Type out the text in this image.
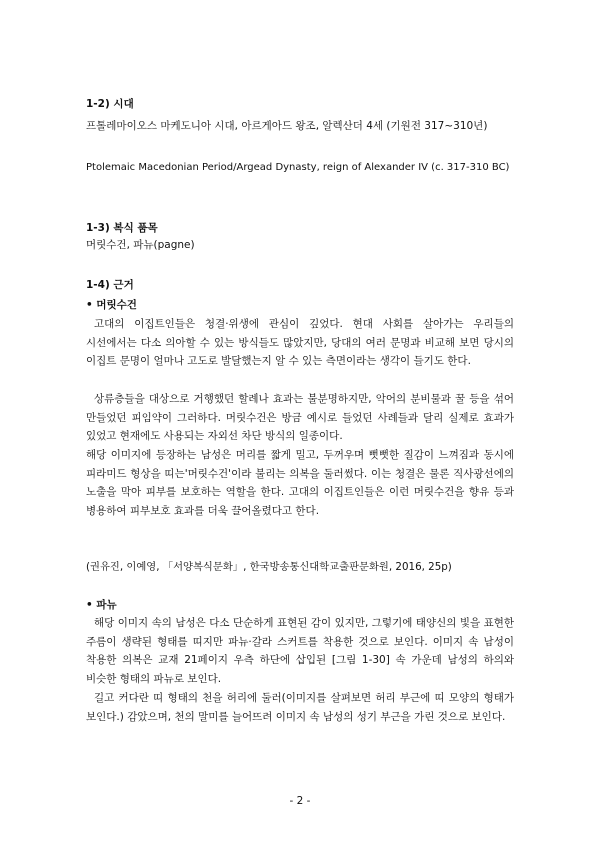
1-2) 시대

프톨레마이오스 마케도니아 시대, 아르게아드 왕조, 알렉산더 4세 (기원전 317~310년)

Ptolemaic Macedonian Period/Argead Dynasty, reign of Alexander IV (c. 317-310 BC)

1-3) 복식 품목

머릿수건, 파뉴(pagne)

1-4) 근거

• 머릿수건

고대의 이집트인들은 청결·위생에 관심이 깊었다. 현대 사회를 살아가는 우리들의 시선에서는 다소 의아할 수 있는 방식들도 많았지만, 당대의 여러 문명과 비교해 보면 당시의 이집트 문명이 얼마나 고도로 발달했는지 알 수 있는 측면이라는 생각이 들기도 한다.

상류층들을 대상으로 거행했던 할례나 효과는 불분명하지만, 악어의 분비물과 꿀 등을 섞어 만들었던 피임약이 그러하다. 머릿수건은 방금 예시로 들었던 사례들과 달리 실제로 효과가 있었고 현재에도 사용되는 자외선 차단 방식의 일종이다.

해당 이미지에 등장하는 남성은 머리를 짧게 밀고, 두꺼우며 뻣뻣한 질감이 느껴짐과 동시에 피라미드 형상을 띠는'머릿수건'이라 불리는 의복을 둘러썼다. 이는 청결은 물론 직사광선에의 노출을 막아 피부를 보호하는 역할을 한다. 고대의 이집트인들은 이런 머릿수건을 향유 등과 병용하여 피부보호 효과를 더욱 끌어올렸다고 한다.

(권유진, 이예영, 「서양복식문화」, 한국방송통신대학교출판문화원, 2016, 25p)

• 파뉴

해당 이미지 속의 남성은 다소 단순하게 표현된 감이 있지만, 그렇기에 태양신의 빛을 표현한 주름이 생략된 형태를 띠지만 파뉴·갈라 스커트를 착용한 것으로 보인다. 이미지 속 남성이 착용한 의복은 교재 21페이지 우측 하단에 삽입된 [그림 1-30] 속 가운데 남성의 하의와 비슷한 형태의 파뉴로 보인다.

길고 커다란 띠 형태의 천을 허리에 둘러(이미지를 살펴보면 허리 부근에 띠 모양의 형태가 보인다.) 감았으며, 천의 말미를 늘어뜨려 이미지 속 남성의 성기 부근을 가린 것으로 보인다.

- 2 -
